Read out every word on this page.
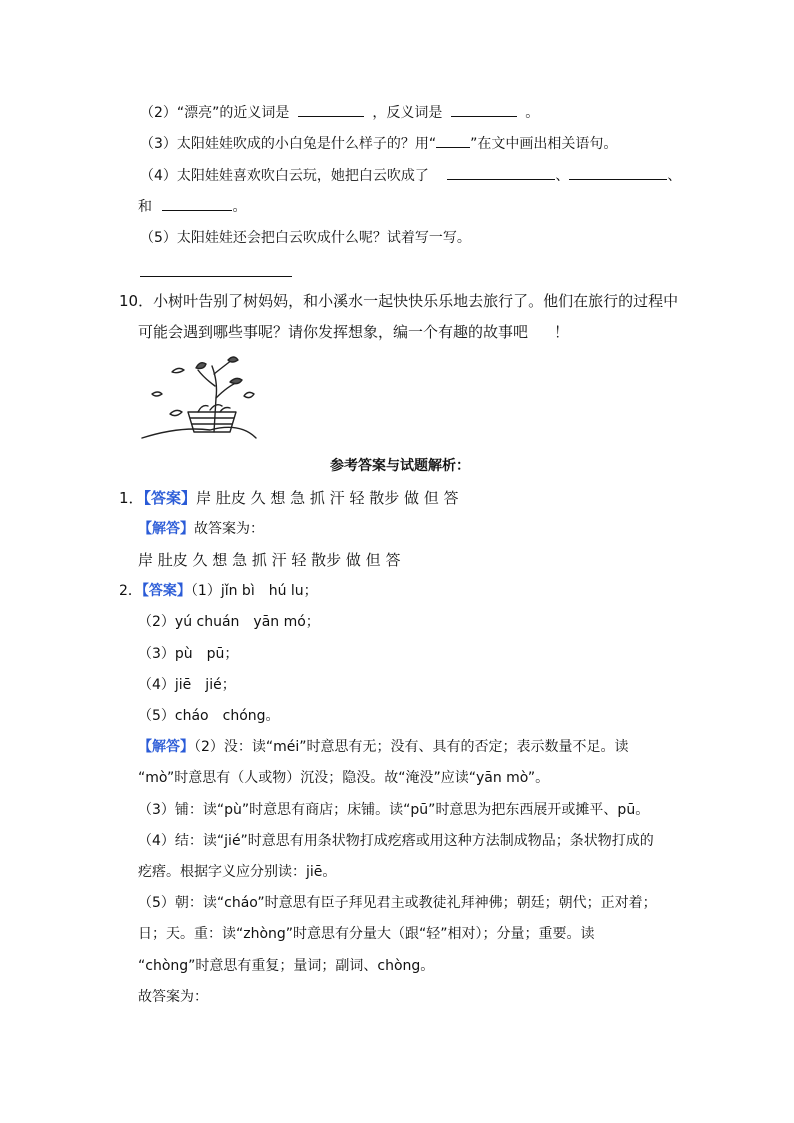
（2）“漂亮”的近义词是	，反义词是	。
（3）太阳娃娃吹成的小白兔是什么样子的？用“ ”在文中画出相关语句。
（4）太阳娃娃喜欢吹白云玩，她把白云吹成了	、	、
和	。
（5）太阳娃娃还会把白云吹成什么呢？试着写一写。
10．小树叶告别了树妈妈，和小溪水一起快快乐乐地去旅行了。他们在旅行的过程中
可能会遇到哪些事呢？请你发挥想象，编一个有趣的故事吧 ！
参考答案与试题解析：
1．【答案】岸 肚皮 久 想 急 抓 汗 轻 散步 做 但 答
【解答】故答案为：
岸 肚皮 久 想 急 抓 汗 轻 散步 做 但 答
2．【答案】（1）jǐn bì　hú lu；
（2）yú chuán　yān mó；
（3）pù　pū；
（4）jiē　jié；
（5）cháo　chóng。
【解答】（2）没：读“méi”时意思有无；没有、具有的否定；表示数量不足。读
“mò”时意思有（人或物）沉没；隐没。故“淹没”应读“yān mò”。
（3）铺：读“pù”时意思有商店；床铺。读“pū”时意思为把东西展开或摊平、pū。
（4）结：读“jié”时意思有用条状物打成疙瘩或用这种方法制成物品；条状物打成的
疙瘩。根据字义应分别读：jiē。
（5）朝：读“cháo”时意思有臣子拜见君主或教徒礼拜神佛；朝廷；朝代；正对着；
日；天。重：读“zhòng”时意思有分量大（跟“轻”相对）；分量；重要。读
“chòng”时意思有重复；量词；副词、chòng。
故答案为：
